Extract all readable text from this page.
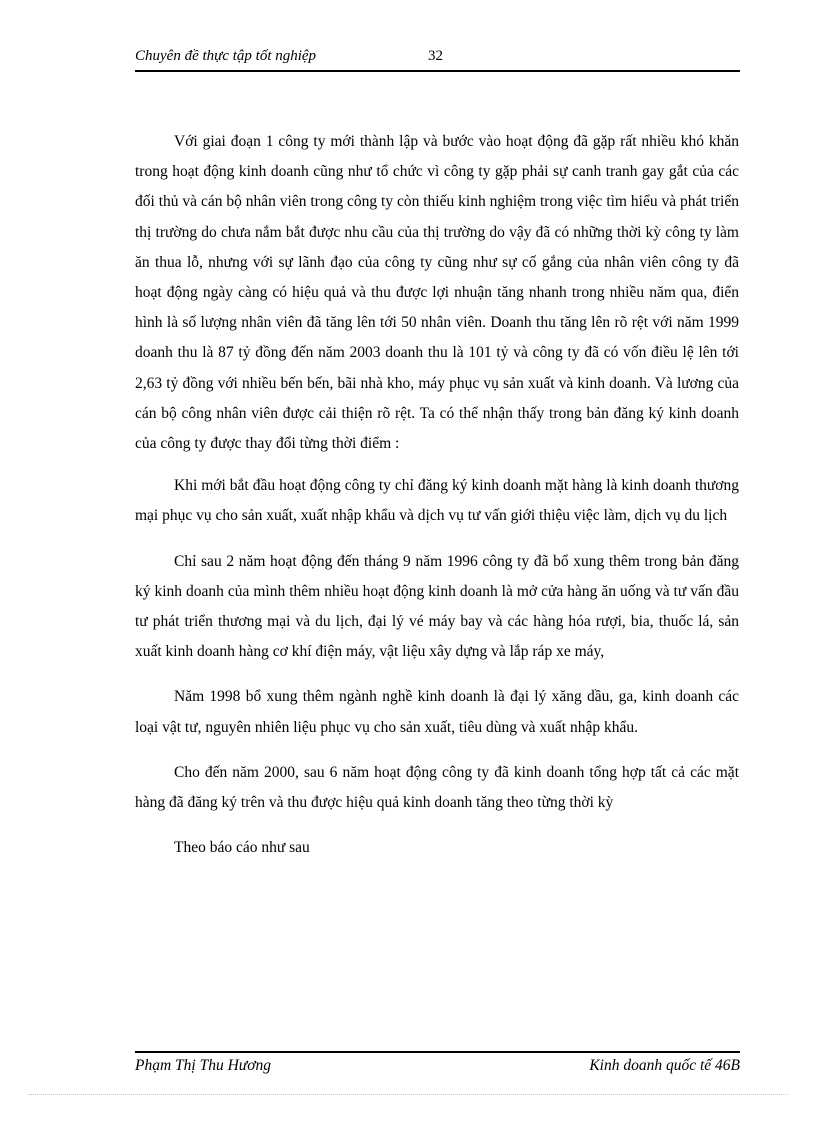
Chuyên đề thực tập tốt nghiệp	32

Với giai đoạn 1 công ty mới thành lập và bước vào hoạt động đã gặp rất nhiều khó khăn trong hoạt động kinh doanh cũng như tổ chức vì công ty gặp phải sự canh tranh gay gắt của các đối thủ và cán bộ nhân viên trong công ty còn thiếu kinh nghiệm trong việc tìm hiểu và phát triển thị trường do chưa nắm bắt được nhu cầu của thị trường do vậy đã có những thời kỳ công ty làm ăn thua lỗ, nhưng với sự lãnh đạo của công ty cũng như sự cố gắng của nhân viên công ty đã hoạt động ngày càng có hiệu quả và thu được lợi nhuận tăng nhanh trong nhiều năm qua, điển hình là số lượng nhân viên đã tăng lên tới 50 nhân viên. Doanh thu tăng lên rõ rệt với năm 1999 doanh thu là 87 tỷ đồng đến năm 2003 doanh thu là 101 tỷ và công ty đã có vốn điều lệ lên tới 2,63 tỷ đồng với nhiều bến bến, bãi nhà kho, máy phục vụ sản xuất và kinh doanh. Và lương của cán bộ công nhân viên được cải thiện rõ rệt. Ta có thể nhận thấy trong bản đăng ký kinh doanh của công ty được thay đổi từng thời điểm :

Khi mới bắt đầu hoạt động công ty chỉ đăng ký kinh doanh mặt hàng là kinh doanh thương mại phục vụ cho sản xuất, xuất nhập khẩu và dịch vụ tư vấn giới thiệu việc làm, dịch vụ du lịch

Chỉ sau 2 năm hoạt động đến tháng 9 năm 1996 công ty đã bổ xung thêm trong bản đăng ký kinh doanh của mình thêm nhiều hoạt động kinh doanh là mở cửa hàng ăn uống và tư vấn đầu tư phát triển thương mại và du lịch, đại lý vé máy bay và các hàng hóa rượi, bia, thuốc lá, sản xuất kinh doanh hàng cơ khí điện máy, vật liệu xây dựng và lắp ráp xe máy,

Năm 1998 bổ xung thêm ngành nghề kinh doanh là đại lý xăng dầu, ga, kinh doanh các loại vật tư, nguyên nhiên liệu phục vụ cho sản xuất, tiêu dùng và xuất nhập khẩu.

Cho đến năm 2000, sau 6 năm hoạt động công ty đã kinh doanh tổng hợp tất cả các mặt hàng đã đăng ký trên và thu được hiệu quả kinh doanh tăng theo từng thời kỳ

Theo báo cáo như sau

Phạm Thị Thu Hương	Kinh doanh quốc tế 46B
